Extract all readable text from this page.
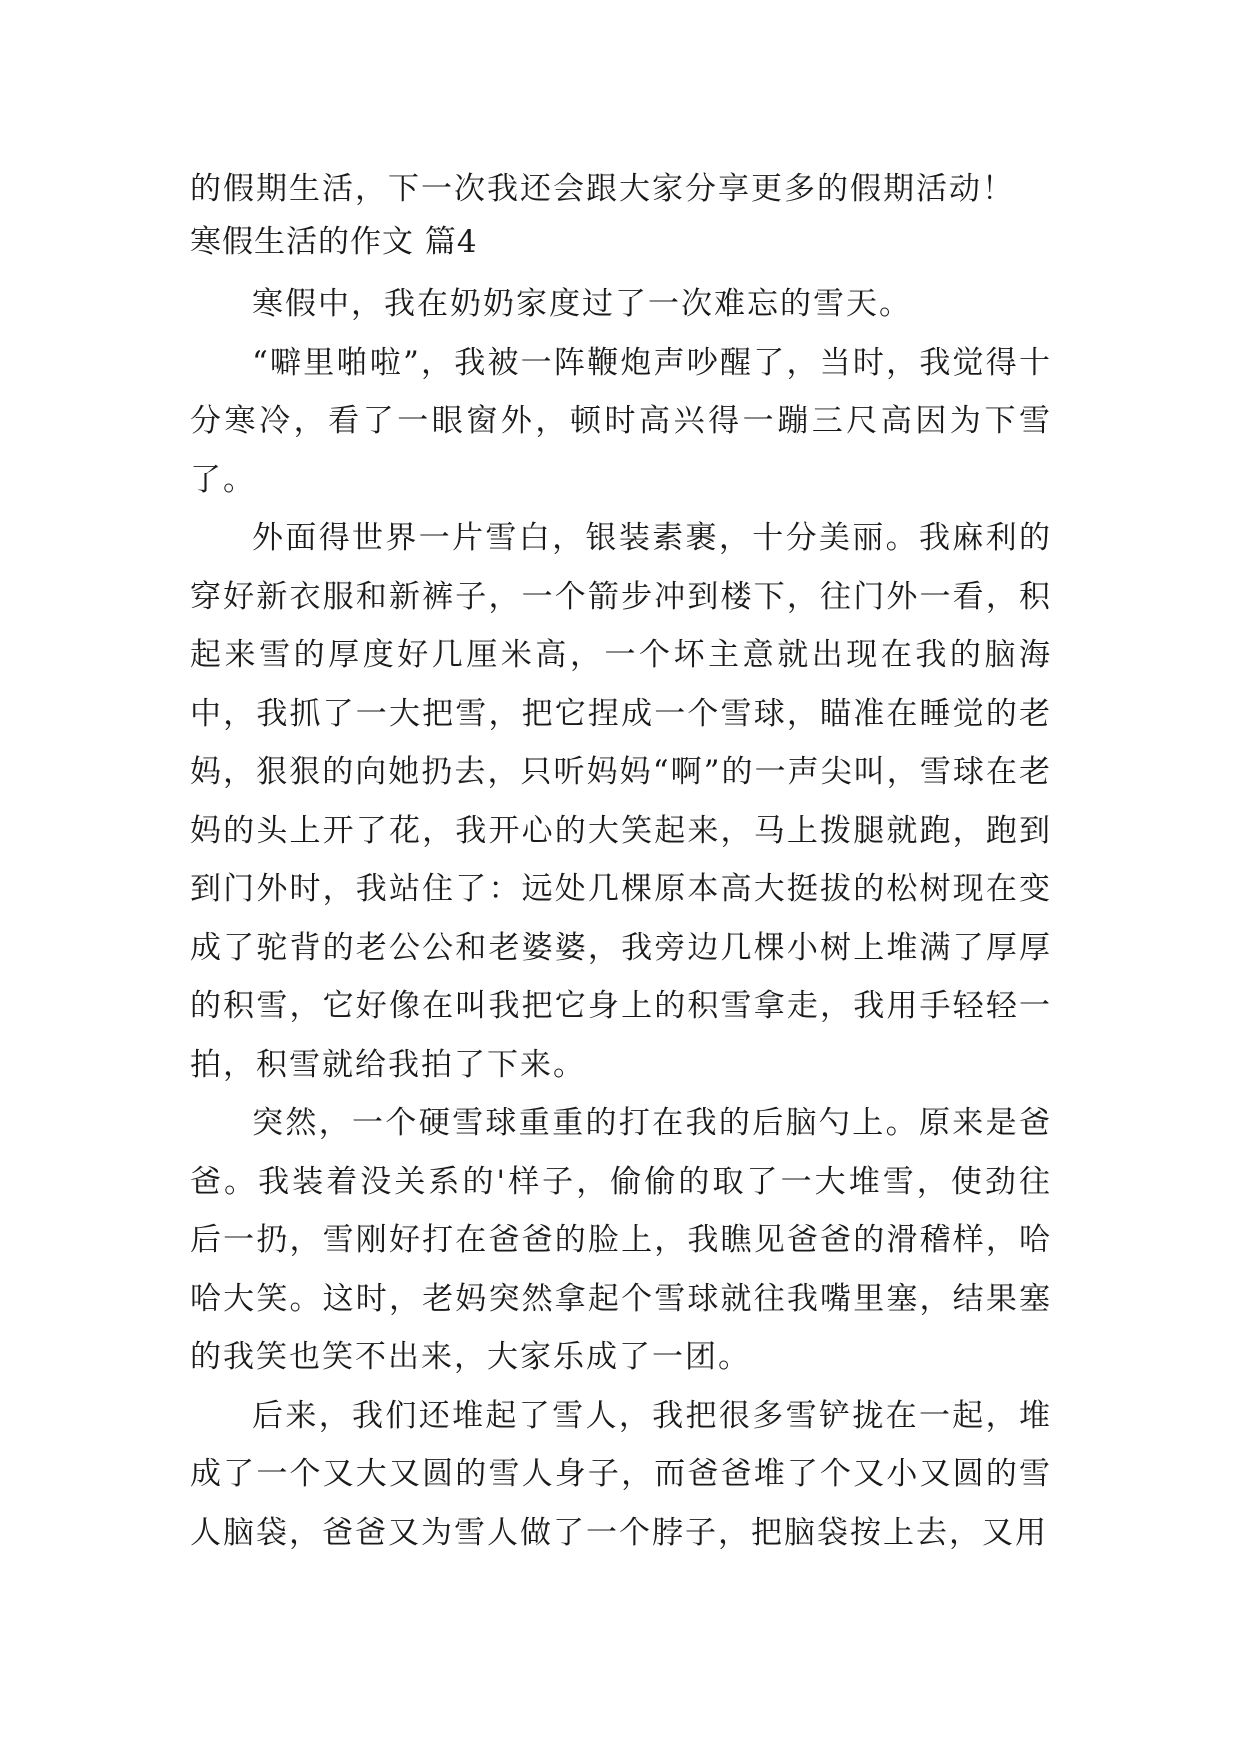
的假期生活，下一次我还会跟大家分享更多的假期活动！

寒假生活的作文 篇4

寒假中，我在奶奶家度过了一次难忘的雪天。

“噼里啪啦”，我被一阵鞭炮声吵醒了，当时，我觉得十分寒冷，看了一眼窗外，顿时高兴得一蹦三尺高因为下雪了。

外面得世界一片雪白，银装素裹，十分美丽。我麻利的穿好新衣服和新裤子，一个箭步冲到楼下，往门外一看，积起来雪的厚度好几厘米高，一个坏主意就出现在我的脑海中，我抓了一大把雪，把它捏成一个雪球，瞄准在睡觉的老妈，狠狠的向她扔去，只听妈妈“啊”的一声尖叫，雪球在老妈的头上开了花，我开心的大笑起来，马上拨腿就跑，跑到到门外时，我站住了：远处几棵原本高大挺拔的松树现在变成了驼背的老公公和老婆婆，我旁边几棵小树上堆满了厚厚的积雪，它好像在叫我把它身上的积雪拿走，我用手轻轻一拍，积雪就给我拍了下来。

突然，一个硬雪球重重的打在我的后脑勺上。原来是爸爸。我装着没关系的'样子，偷偷的取了一大堆雪，使劲往后一扔，雪刚好打在爸爸的脸上，我瞧见爸爸的滑稽样，哈哈大笑。这时，老妈突然拿起个雪球就往我嘴里塞，结果塞的我笑也笑不出来，大家乐成了一团。

后来，我们还堆起了雪人，我把很多雪铲拢在一起，堆成了一个又大又圆的雪人身子，而爸爸堆了个又小又圆的雪人脑袋，爸爸又为雪人做了一个脖子，把脑袋按上去，又用
